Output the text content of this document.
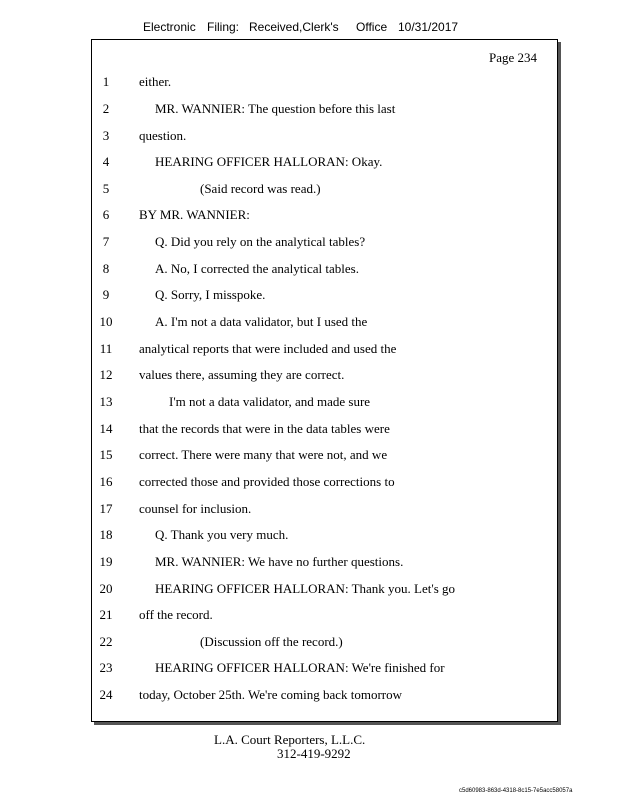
Electronic Filing: Received,Clerk's Office 10/31/2017
Page 234
1	either.
2	MR. WANNIER: The question before this last
3	question.
4	HEARING OFFICER HALLORAN: Okay.
5	(Said record was read.)
6	BY MR. WANNIER:
7	Q. Did you rely on the analytical tables?
8	A. No, I corrected the analytical tables.
9	Q. Sorry, I misspoke.
10	A. I'm not a data validator, but I used the
11	analytical reports that were included and used the
12	values there, assuming they are correct.
13	I'm not a data validator, and made sure
14	that the records that were in the data tables were
15	correct. There were many that were not, and we
16	corrected those and provided those corrections to
17	counsel for inclusion.
18	Q. Thank you very much.
19	MR. WANNIER: We have no further questions.
20	HEARING OFFICER HALLORAN: Thank you. Let's go
21	off the record.
22	(Discussion off the record.)
23	HEARING OFFICER HALLORAN: We're finished for
24	today, October 25th. We're coming back tomorrow
L.A. Court Reporters, L.L.C.
312-419-9292
c5d60983-863d-4318-8c15-7e5acc58057a
